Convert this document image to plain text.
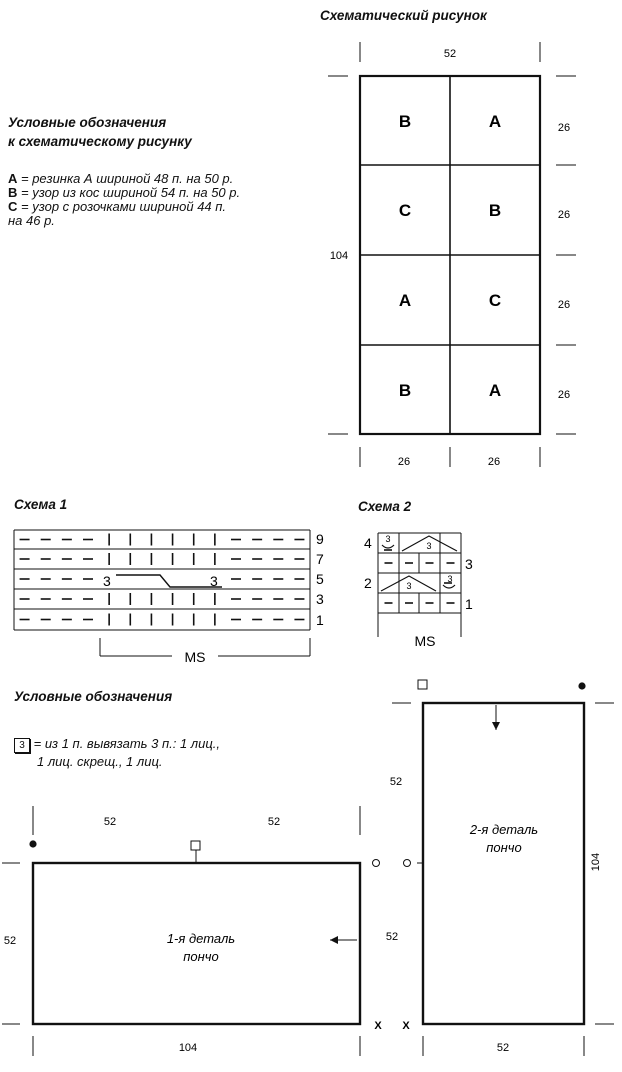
Схематический рисунок
Условные обозначения
к схематическому рисунку
A = резинка А шириной 48 п. на 50 р.
B = узор из кос шириной 54 п. на 50 р.
C = узор с розочками шириной 44 п.
на 46 р.
Схема 1	Схема 2
Условные обозначения
3 = из 1 п. вывязать 3 п.: 1 лиц.,
1 лиц. скрещ., 1 лиц.
52
104
B	A
C	B
A	C
B	A
26
26
26
26
26	26
9
7
5
3
1
3	3
MS
4
2
3
1
3
3
3
3
MS
52	52
52
104
1-я деталь
пончо
X
52
52
104
52
2-я деталь
пончо
X
